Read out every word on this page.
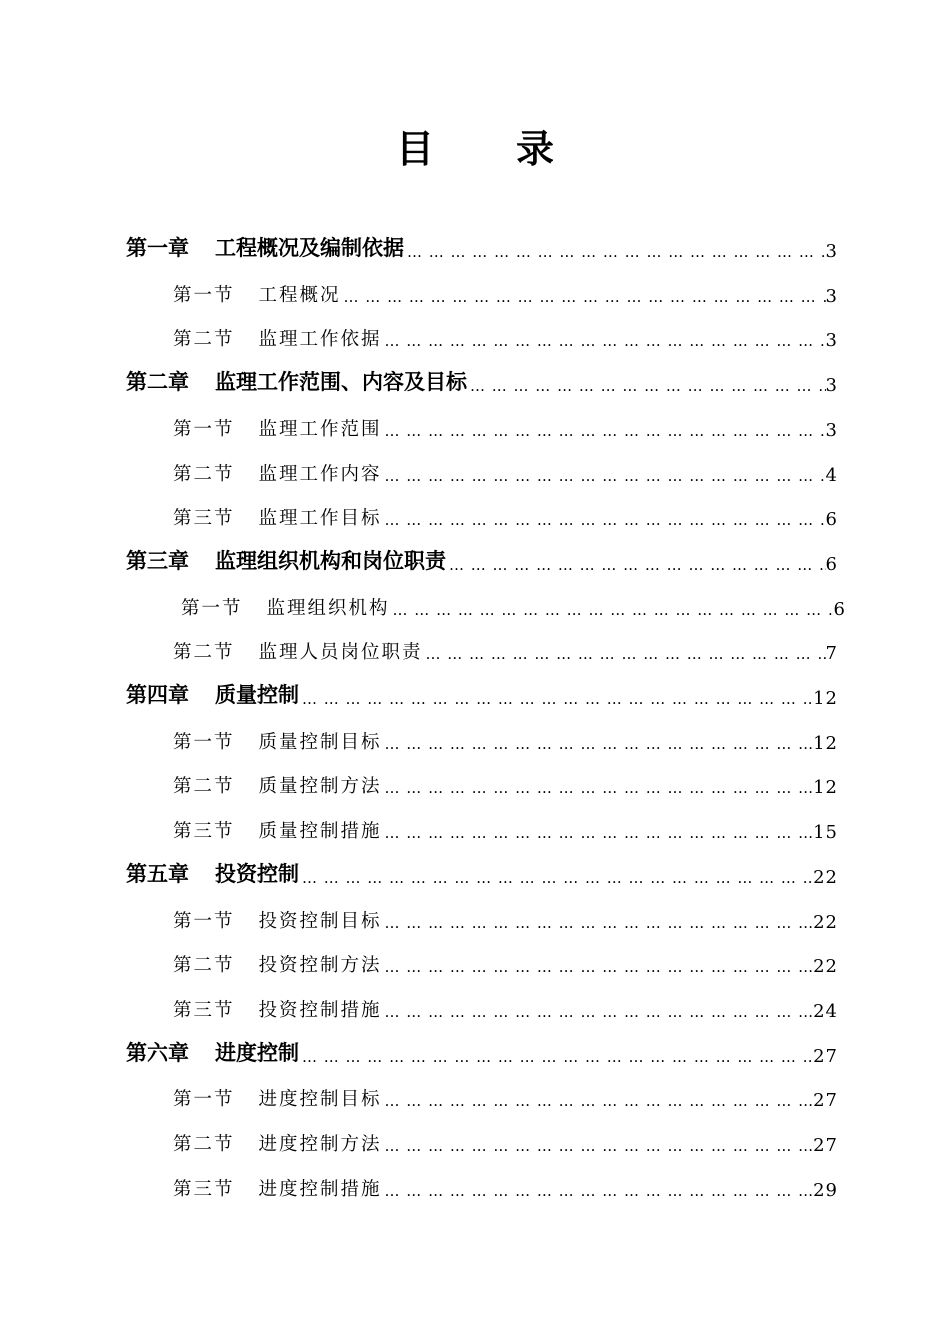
目 录
第一章 工程概况及编制依据 … … … … … … … … … … … … … … … … … … … … … … … … … … … … … … … … … … … … … … … … … …	3
第一节 工程概况 … … … … … … … … … … … … … … … … … … … … … … … … … … … … … … … … … … … … … … … … … …	3
第二节 监理工作依据 … … … … … … … … … … … … … … … … … … … … … … … … … … … … … … … … … … … … … … … … … …	3
第二章 监理工作范围、内容及目标 … … … … … … … … … … … … … … … … … … … … … … … … … … … … … … … … … … … … … … … … … …	3
第一节 监理工作范围 … … … … … … … … … … … … … … … … … … … … … … … … … … … … … … … … … … … … … … … … … …	3
第二节 监理工作内容 … … … … … … … … … … … … … … … … … … … … … … … … … … … … … … … … … … … … … … … … … …	4
第三节 监理工作目标 … … … … … … … … … … … … … … … … … … … … … … … … … … … … … … … … … … … … … … … … … …	6
第三章 监理组织机构和岗位职责 … … … … … … … … … … … … … … … … … … … … … … … … … … … … … … … … … … … … … … … … … …	6
第一节 监理组织机构 … … … … … … … … … … … … … … … … … … … … … … … … … … … … … … … … … … … … … … … … … …	6
第二节 监理人员岗位职责 … … … … … … … … … … … … … … … … … … … … … … … … … … … … … … … … … … … … … … … … … …	7
第四章 质量控制 … … … … … … … … … … … … … … … … … … … … … … … … … … … … … … … … … … … … … … … … … …	12
第一节 质量控制目标 … … … … … … … … … … … … … … … … … … … … … … … … … … … … … … … … … … … … … … … … … …	12
第二节 质量控制方法 … … … … … … … … … … … … … … … … … … … … … … … … … … … … … … … … … … … … … … … … … …	12
第三节 质量控制措施 … … … … … … … … … … … … … … … … … … … … … … … … … … … … … … … … … … … … … … … … … …	15
第五章 投资控制 … … … … … … … … … … … … … … … … … … … … … … … … … … … … … … … … … … … … … … … … … …	22
第一节 投资控制目标 … … … … … … … … … … … … … … … … … … … … … … … … … … … … … … … … … … … … … … … … … …	22
第二节 投资控制方法 … … … … … … … … … … … … … … … … … … … … … … … … … … … … … … … … … … … … … … … … … …	22
第三节 投资控制措施 … … … … … … … … … … … … … … … … … … … … … … … … … … … … … … … … … … … … … … … … … …	24
第六章 进度控制 … … … … … … … … … … … … … … … … … … … … … … … … … … … … … … … … … … … … … … … … … …	27
第一节 进度控制目标 … … … … … … … … … … … … … … … … … … … … … … … … … … … … … … … … … … … … … … … … … …	27
第二节 进度控制方法 … … … … … … … … … … … … … … … … … … … … … … … … … … … … … … … … … … … … … … … … … …	27
第三节 进度控制措施 … … … … … … … … … … … … … … … … … … … … … … … … … … … … … … … … … … … … … … … … … …	29
